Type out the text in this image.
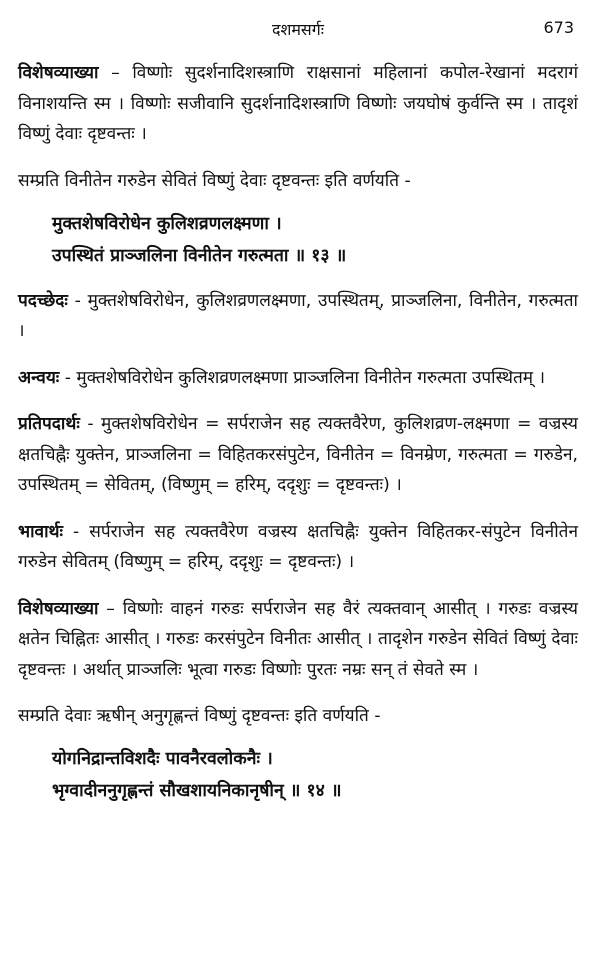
दशमसर्गः	673

विशेषव्याख्या – विष्णोः सुदर्शनादिशस्त्राणि राक्षसानां महिलानां कपोल-रेखानां मदरागं विनाशयन्ति स्म । विष्णोः सजीवानि सुदर्शनादिशस्त्राणि विष्णोः जयघोषं कुर्वन्ति स्म । तादृशं विष्णुं देवाः दृष्टवन्तः ।

सम्प्रति विनीतेन गरुडेन सेवितं विष्णुं देवाः दृष्टवन्तः इति वर्णयति -

मुक्तशेषविरोधेन कुलिशव्रणलक्ष्मणा ।
उपस्थितं प्राञ्जलिना विनीतेन गरुत्मता ॥ १३ ॥

पदच्छेदः - मुक्तशेषविरोधेन, कुलिशव्रणलक्ष्मणा, उपस्थितम्, प्राञ्जलिना, विनीतेन, गरुत्मता ।

अन्वयः - मुक्तशेषविरोधेन कुलिशव्रणलक्ष्मणा प्राञ्जलिना विनीतेन गरुत्मता उपस्थितम् ।

प्रतिपदार्थः - मुक्तशेषविरोधेन = सर्पराजेन सह त्यक्तवैरेण, कुलिशव्रण-लक्ष्मणा = वज्रस्य क्षतचिह्नैः युक्तेन, प्राञ्जलिना = विहितकरसंपुटेन, विनीतेन = विनम्रेण, गरुत्मता = गरुडेन, उपस्थितम् = सेवितम्, (विष्णुम् = हरिम्, ददृशुः = दृष्टवन्तः) ।

भावार्थः - सर्पराजेन सह त्यक्तवैरेण वज्रस्य क्षतचिह्नैः युक्तेन विहितकर-संपुटेन विनीतेन गरुडेन सेवितम् (विष्णुम् = हरिम्, ददृशुः = दृष्टवन्तः) ।

विशेषव्याख्या – विष्णोः वाहनं गरुडः सर्पराजेन सह वैरं त्यक्तवान् आसीत् । गरुडः वज्रस्य क्षतेन चिह्नितः आसीत् । गरुडः करसंपुटेन विनीतः आसीत् । तादृशेन गरुडेन सेवितं विष्णुं देवाः दृष्टवन्तः । अर्थात् प्राञ्जलिः भूत्वा गरुडः विष्णोः पुरतः नम्रः सन् तं सेवते स्म ।

सम्प्रति देवाः ऋषीन् अनुगृह्णन्तं विष्णुं दृष्टवन्तः इति वर्णयति -

योगनिद्रान्तविशदैः पावनैरवलोकनैः ।
भृग्वादीननुगृह्णन्तं सौखशायनिकानृषीन् ॥ १४ ॥
